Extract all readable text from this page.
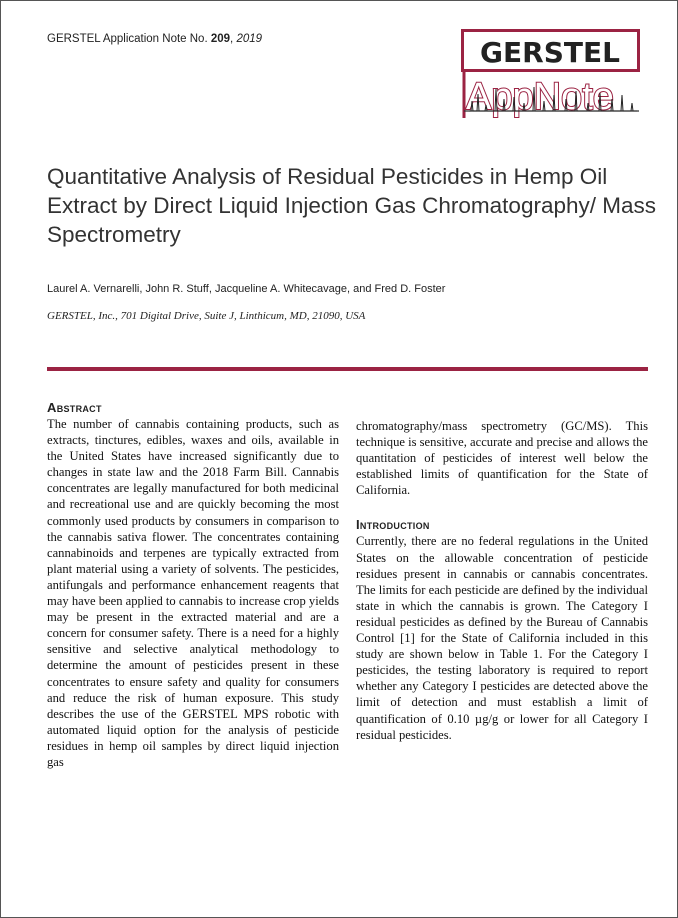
GERSTEL Application Note No. 209, 2019	GERSTEL
AppNote
Quantitative Analysis of Residual Pesticides in Hemp Oil Extract by Direct Liquid Injection Gas Chromatography/ Mass Spectrometry
Laurel A. Vernarelli, John R. Stuff, Jacqueline A. Whitecavage, and Fred D. Foster
GERSTEL, Inc., 701 Digital Drive, Suite J, Linthicum, MD, 21090, USA
Abstract

The number of cannabis containing products, such as extracts, tinctures, edibles, waxes and oils, available in the United States have increased significantly due to changes in state law and the 2018 Farm Bill. Cannabis concentrates are legally manufactured for both medicinal and recreational use and are quickly becoming the most commonly used products by consumers in comparison to the cannabis sativa flower. The concentrates containing cannabinoids and terpenes are typically extracted from plant material using a variety of solvents. The pesticides, antifungals and performance enhancement reagents that may have been applied to cannabis to increase crop yields may be present in the extracted material and are a concern for consumer safety. There is a need for a highly sensitive and selective analytical methodology to determine the amount of pesticides present in these concentrates to ensure safety and quality for consumers and reduce the risk of human exposure. This study describes the use of the GERSTEL MPS robotic with automated liquid option for the analysis of pesticide residues in hemp oil samples by direct liquid injection gas

chromatography/mass spectrometry (GC/MS). This technique is sensitive, accurate and precise and allows the quantitation of pesticides of interest well below the established limits of quantification for the State of California.

Introduction

Currently, there are no federal regulations in the United States on the allowable concentration of pesticide residues present in cannabis or cannabis concentrates. The limits for each pesticide are defined by the individual state in which the cannabis is grown. The Category I residual pesticides as defined by the Bureau of Cannabis Control [1] for the State of California included in this study are shown below in Table 1. For the Category I pesticides, the testing laboratory is required to report whether any Category I pesticides are detected above the limit of detection and must establish a limit of quantification of 0.10 µg/g or lower for all Category I residual pesticides.
